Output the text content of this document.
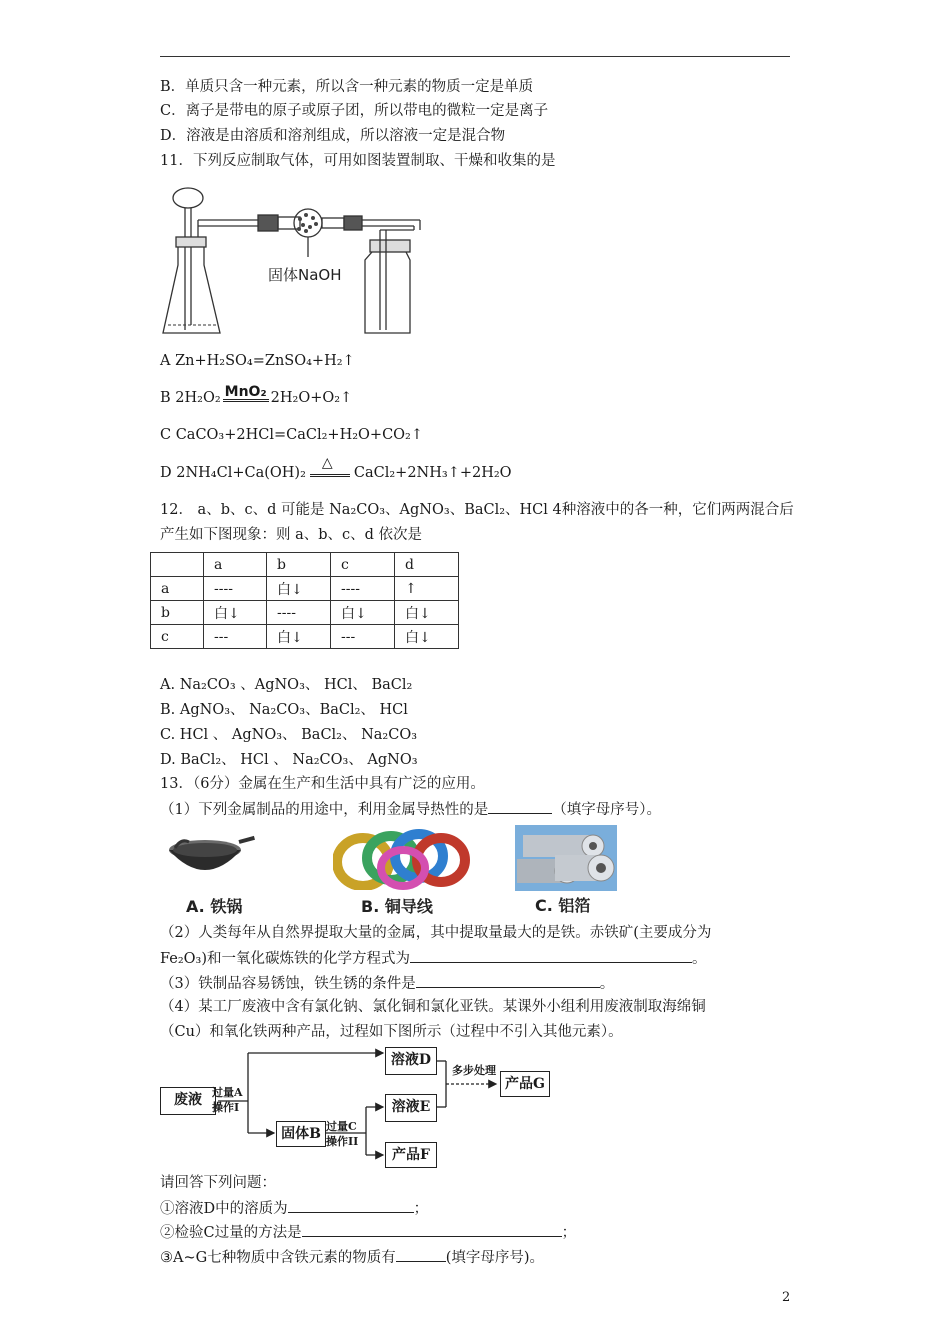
B．单质只含一种元素，所以含一种元素的物质一定是单质
C．离子是带电的原子或原子团，所以带电的微粒一定是离子
D．溶液是由溶质和溶剂组成，所以溶液一定是混合物
11．下列反应制取气体，可用如图装置制取、干燥和收集的是
固体NaOH
A Zn+H₂SO₄=ZnSO₄+H₂↑
B 2H₂O₂ MnO₂ 2H₂O+O₂↑
C CaCO₃+2HCl=CaCl₂+H₂O+CO₂↑
D 2NH₄Cl+Ca(OH)₂
△
CaCl₂+2NH₃↑+2H₂O
12． a、b、c、d 可能是 Na₂CO₃、AgNO₃、BaCl₂、HCl 4种溶液中的各一种，它们两两混合后
产生如下图现象：则 a、b、c、d 依次是
	a	b	c	d
a	----	白↓	----	↑
b	白↓	----	白↓	白↓
c	---	白↓	---	白↓
A. Na₂CO₃ 、AgNO₃、 HCl、 BaCl₂
B. AgNO₃、 Na₂CO₃、BaCl₂、 HCl
C. HCl 、 AgNO₃、 BaCl₂、 Na₂CO₃
D. BaCl₂、 HCl 、 Na₂CO₃、 AgNO₃
13．（6分）金属在生产和生活中具有广泛的应用。
（1）下列金属制品的用途中，利用金属导热性的是	（填字母序号）。
A. 铁锅	B. 铜导线	C. 铝箔
（2）人类每年从自然界提取大量的金属，其中提取量最大的是铁。赤铁矿(主要成分为
Fe₂O₃)和一氧化碳炼铁的化学方程式为	。
（3）铁制品容易锈蚀，铁生锈的条件是	。
（4）某工厂废液中含有氯化钠、氯化铜和氯化亚铁。某课外小组利用废液制取海绵铜
（Cu）和氧化铁两种产品，过程如下图所示（过程中不引入其他元素）。
废液 过量A
操作I
固体B 过量C
操作II
溶液D
溶液E
产品F
多步处理
产品G
请回答下列问题：
①溶液D中的溶质为	；
②检验C过量的方法是	；
③A~G七种物质中含铁元素的物质有	(填字母序号)。
2
